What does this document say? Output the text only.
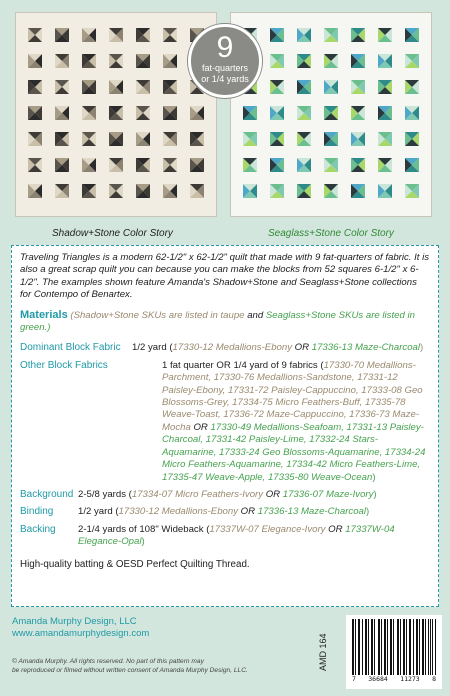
9
fat-quarters
or 1/4 yards
Shadow+Stone Color Story	Seaglass+Stone Color Story

Traveling Triangles is a modern 62-1/2" x 62-1/2" quilt that made with 9 fat-quarters of fabric. It is also a great scrap quilt you can because you can make the blocks from 52 squares 6-1/2" x 6-1/2". The examples shown feature Amanda's Shadow+Stone and Seaglass+Stone collections for Contempo of Benartex.

Materials (Shadow+Stone SKUs are listed in taupe and Seaglass+Stone SKUs are listed in green.)

Dominant Block Fabric	1/2 yard (17330-12 Medallions-Ebony OR 17336-13 Maze-Charcoal)
Other Block Fabrics	1 fat quarter OR 1/4 yard of 9 fabrics (17330-70 Medallions-Parchment, 17330-76 Medallions-Sandstone, 17331-12 Paisley-Ebony, 17331-72 Paisley-Cappuccino, 17333-08 Geo Blossoms-Grey, 17334-75 Micro Feathers-Buff, 17335-78 Weave-Toast, 17336-72 Maze-Cappuccino, 17336-73 Maze-Mocha OR 17330-49 Medallions-Seafoam, 17331-13 Paisley-Charcoal, 17331-42 Paisley-Lime, 17332-24 Stars-Aquamarine, 17333-24 Geo Blossoms-Aquamarine, 17334-24 Micro Feathers-Aquamarine, 17334-42 Micro Feathers-Lime, 17335-47 Weave-Apple, 17335-80 Weave-Ocean)
Background 2-5/8 yards (17334-07 Micro Feathers-Ivory OR 17336-07 Maze-Ivory)
Binding	1/2 yard (17330-12 Medallions-Ebony OR 17336-13 Maze-Charcoal)
Backing	2-1/4 yards of 108" Wideback (17337W-07 Elegance-Ivory OR 17337W-04 Elegance-Opal)

High-quality batting & OESD Perfect Quilting Thread.

Amanda Murphy Design, LLC
www.amandamurphydesign.com
© Amanda Murphy. All rights reserved. No part of this pattern may
be reproduced or filmed without written consent of Amanda Murphy Design, LLC.	AMD 164
7 36684 11273 8
